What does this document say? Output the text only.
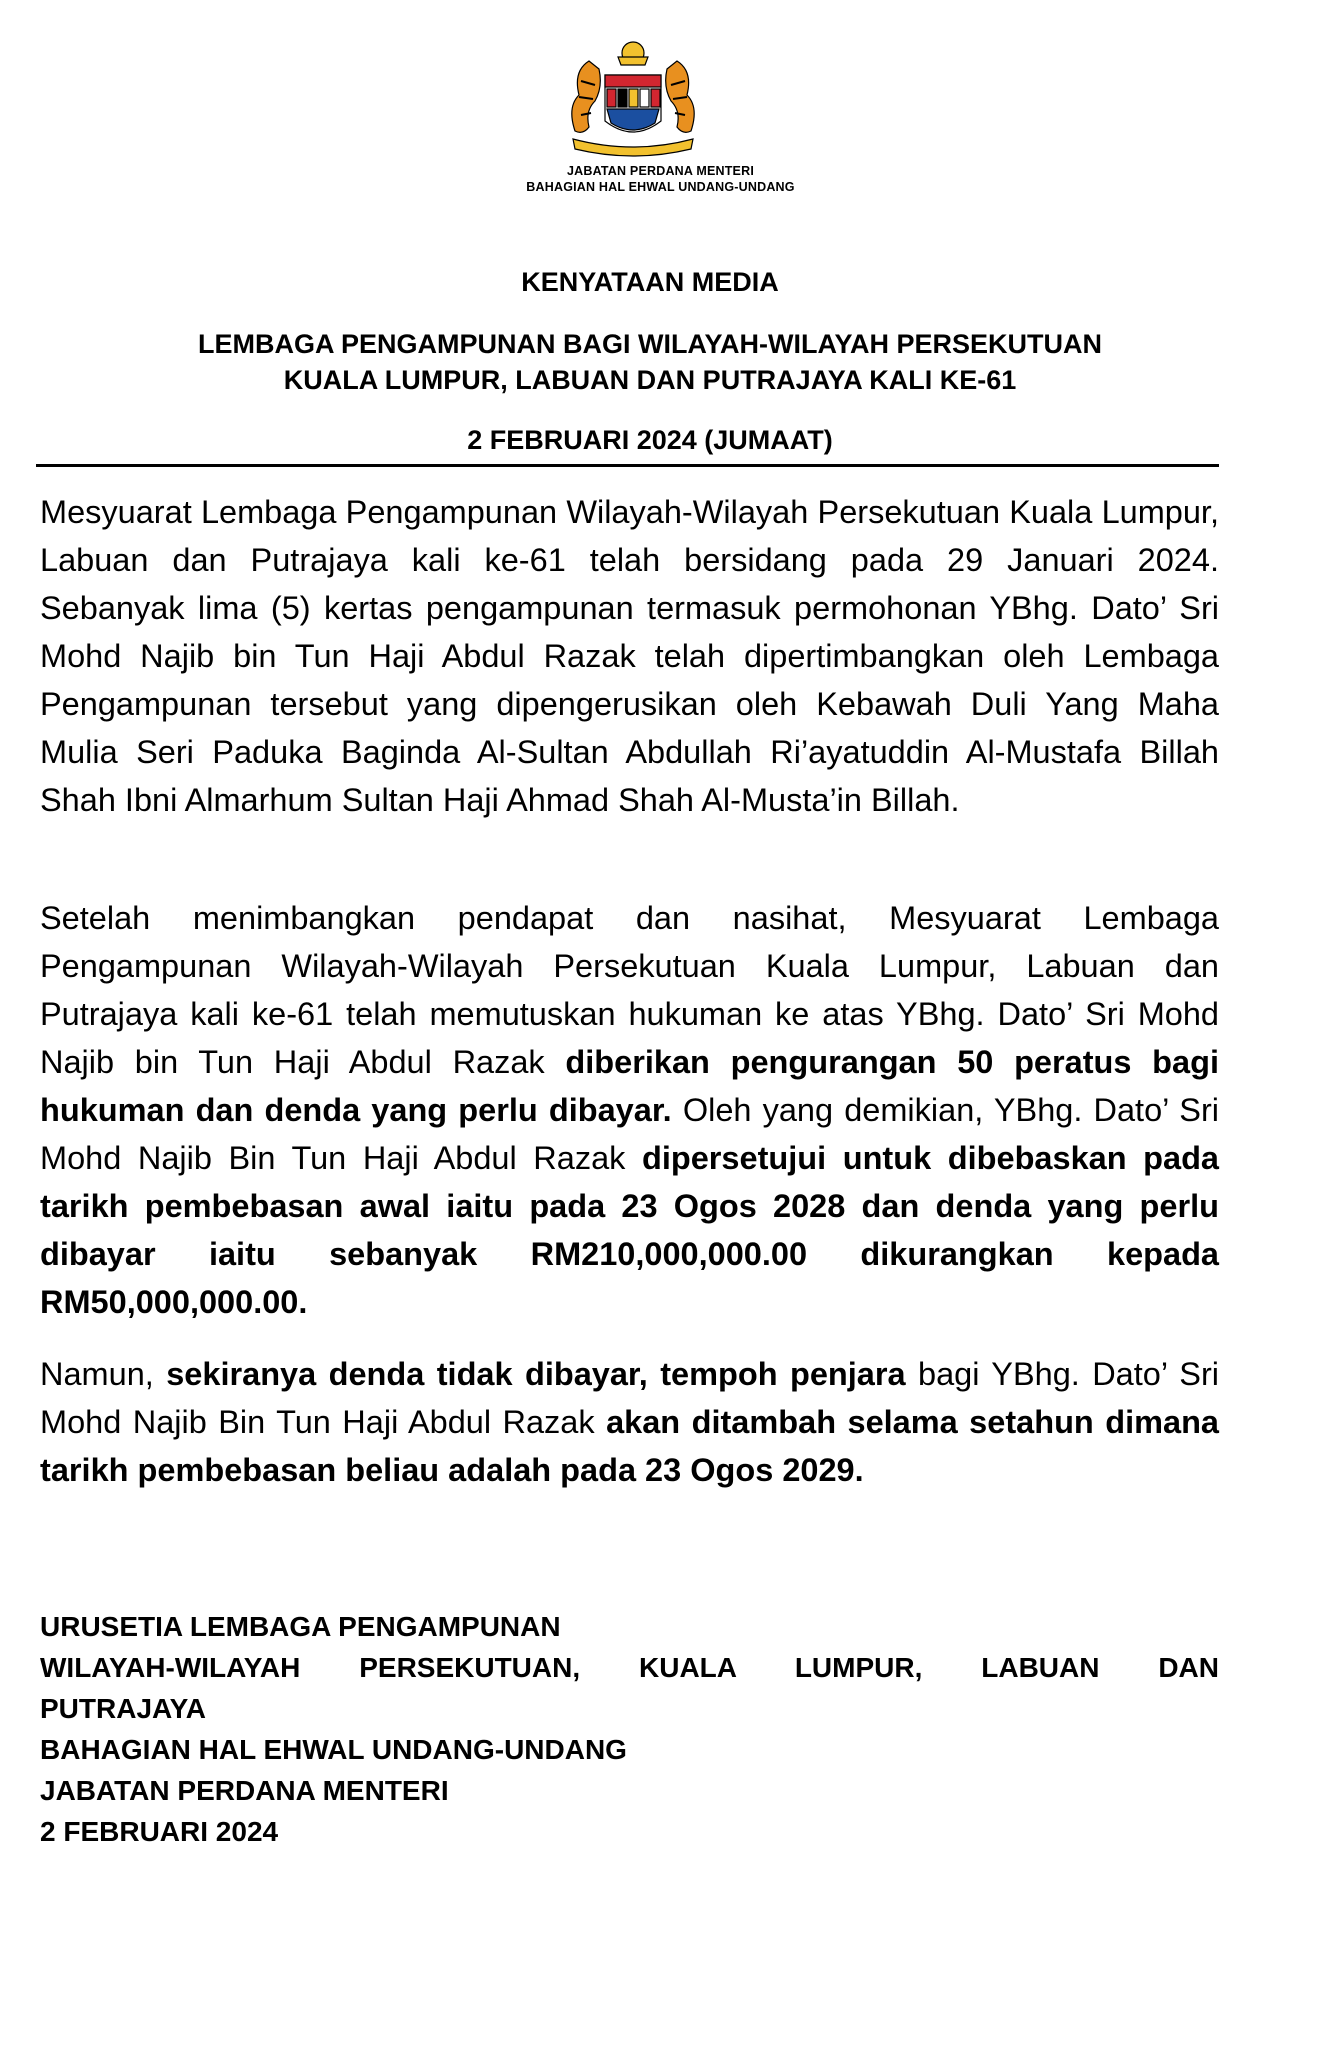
JABATAN PERDANA MENTERI
BAHAGIAN HAL EHWAL UNDANG-UNDANG
KENYATAAN MEDIA
LEMBAGA PENGAMPUNAN BAGI WILAYAH-WILAYAH PERSEKUTUAN
KUALA LUMPUR, LABUAN DAN PUTRAJAYA KALI KE-61
2 FEBRUARI 2024 (JUMAAT)
Mesyuarat Lembaga Pengampunan Wilayah-Wilayah Persekutuan Kuala Lumpur, Labuan dan Putrajaya kali ke-61 telah bersidang pada 29 Januari 2024. Sebanyak lima (5) kertas pengampunan termasuk permohonan YBhg. Dato’ Sri Mohd Najib bin Tun Haji Abdul Razak telah dipertimbangkan oleh Lembaga Pengampunan tersebut yang dipengerusikan oleh Kebawah Duli Yang Maha Mulia Seri Paduka Baginda Al-Sultan Abdullah Ri’ayatuddin Al-Mustafa Billah Shah Ibni Almarhum Sultan Haji Ahmad Shah Al-Musta’in Billah.
Setelah menimbangkan pendapat dan nasihat, Mesyuarat Lembaga Pengampunan Wilayah-Wilayah Persekutuan Kuala Lumpur, Labuan dan Putrajaya kali ke-61 telah memutuskan hukuman ke atas YBhg. Dato’ Sri Mohd Najib bin Tun Haji Abdul Razak diberikan pengurangan 50 peratus bagi hukuman dan denda yang perlu dibayar. Oleh yang demikian, YBhg. Dato’ Sri Mohd Najib Bin Tun Haji Abdul Razak dipersetujui untuk dibebaskan pada tarikh pembebasan awal iaitu pada 23 Ogos 2028 dan denda yang perlu dibayar iaitu sebanyak RM210,000,000.00 dikurangkan kepada RM50,000,000.00.
Namun, sekiranya denda tidak dibayar, tempoh penjara bagi YBhg. Dato’ Sri Mohd Najib Bin Tun Haji Abdul Razak akan ditambah selama setahun dimana tarikh pembebasan beliau adalah pada 23 Ogos 2029.
URUSETIA LEMBAGA PENGAMPUNAN
WILAYAH-WILAYAH PERSEKUTUAN, KUALA LUMPUR, LABUAN DAN
PUTRAJAYA
BAHAGIAN HAL EHWAL UNDANG-UNDANG
JABATAN PERDANA MENTERI
2 FEBRUARI 2024
